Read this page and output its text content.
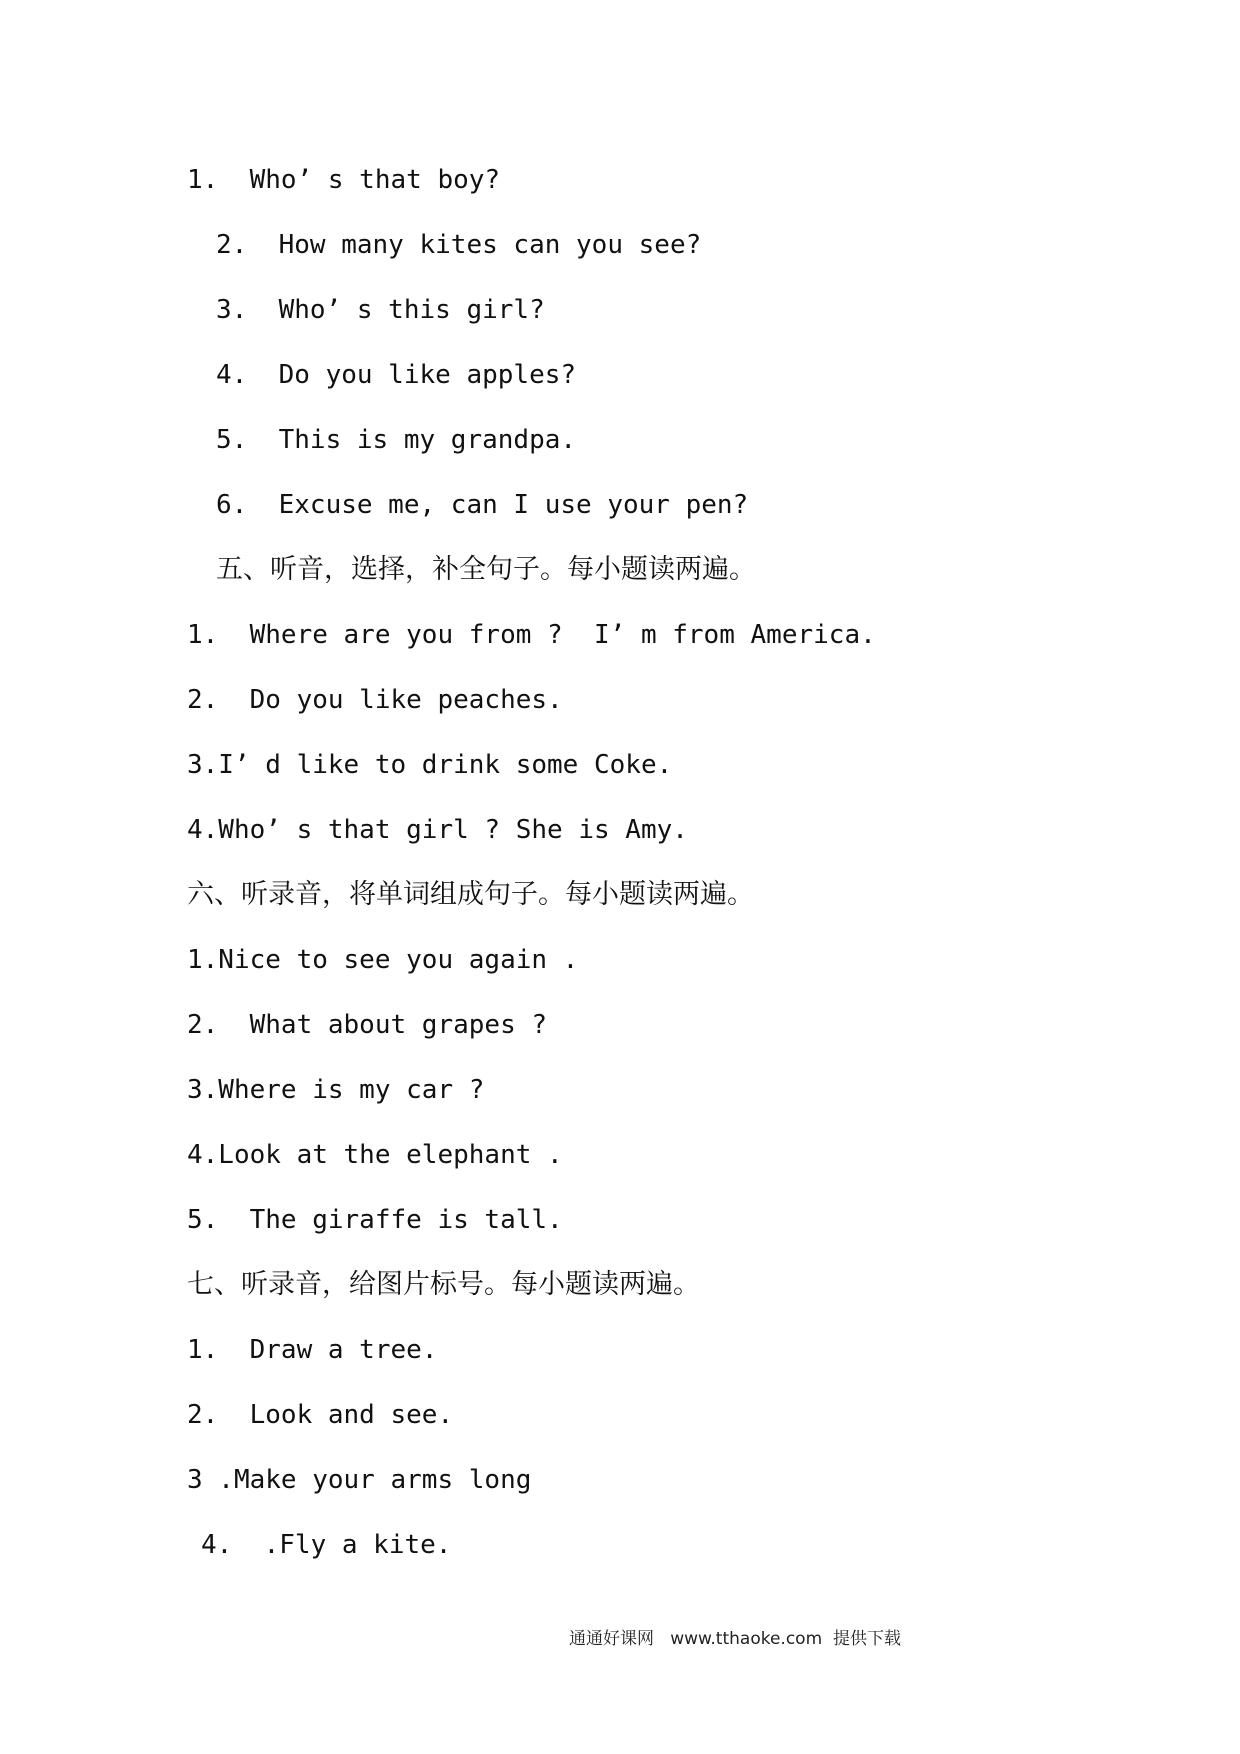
1.  Who’ s that boy?
2.  How many kites can you see?
3.  Who’ s this girl?
4.  Do you like apples?
5.  This is my grandpa.
6.  Excuse me, can I use your pen?
五、听音，选择，补全句子。每小题读两遍。
1.  Where are you from ?  I’ m from America.
2.  Do you like peaches.
3.I’ d like to drink some Coke.
4.Who’ s that girl ? She is Amy.
六、听录音，将单词组成句子。每小题读两遍。
1.Nice to see you again .
2.  What about grapes ?
3.Where is my car ?
4.Look at the elephant .
5.  The giraffe is tall.
七、听录音，给图片标号。每小题读两遍。
1.  Draw a tree.
2.  Look and see.
3 .Make your arms long
4.  .Fly a kite.
通通好课网   www.tthaoke.com  提供下载
